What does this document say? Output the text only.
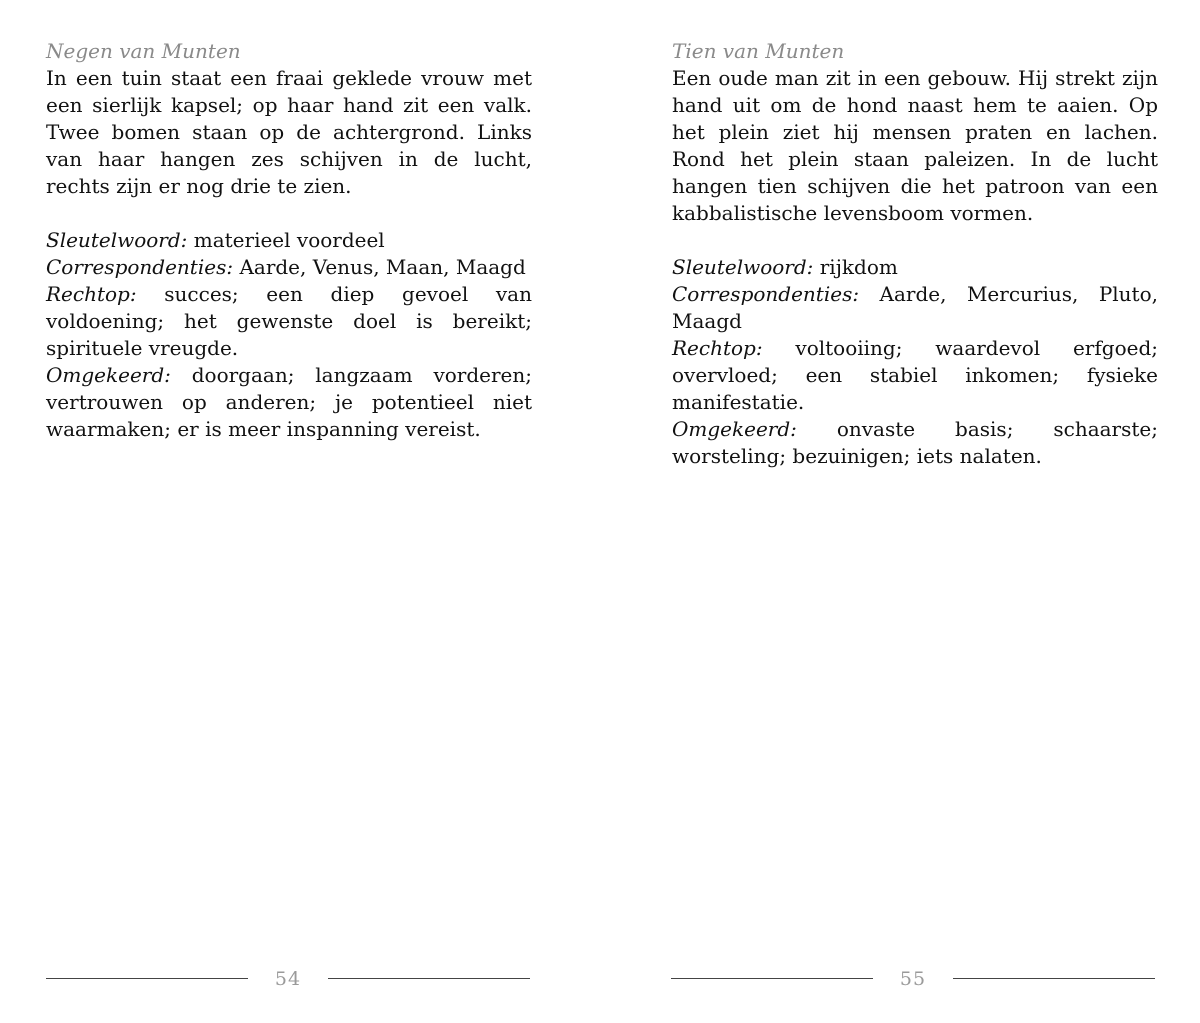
Negen van Munten

In een tuin staat een fraai geklede vrouw met een sierlijk kapsel; op haar hand zit een valk. Twee bomen staan op de achtergrond. Links van haar hangen zes schijven in de lucht, rechts zijn er nog drie te zien.

Sleutelwoord: materieel voordeel

Correspondenties: Aarde, Venus, Maan, Maagd

Rechtop: succes; een diep gevoel van voldoening; het gewenste doel is bereikt; spirituele vreugde.

Omgekeerd: doorgaan; langzaam vorderen; vertrouwen op anderen; je potentieel niet waarmaken; er is meer inspanning vereist.

54
Tien van Munten

Een oude man zit in een gebouw. Hij strekt zijn hand uit om de hond naast hem te aaien. Op het plein ziet hij mensen praten en lachen. Rond het plein staan paleizen. In de lucht hangen tien schijven die het patroon van een kabbalistische levensboom vormen.

Sleutelwoord: rijkdom

Correspondenties: Aarde, Mercurius, Pluto, Maagd

Rechtop: voltooiing; waardevol erfgoed; overvloed; een stabiel inkomen; fysieke manifestatie.

Omgekeerd: onvaste basis; schaarste; worsteling; bezuinigen; iets nalaten.

55
